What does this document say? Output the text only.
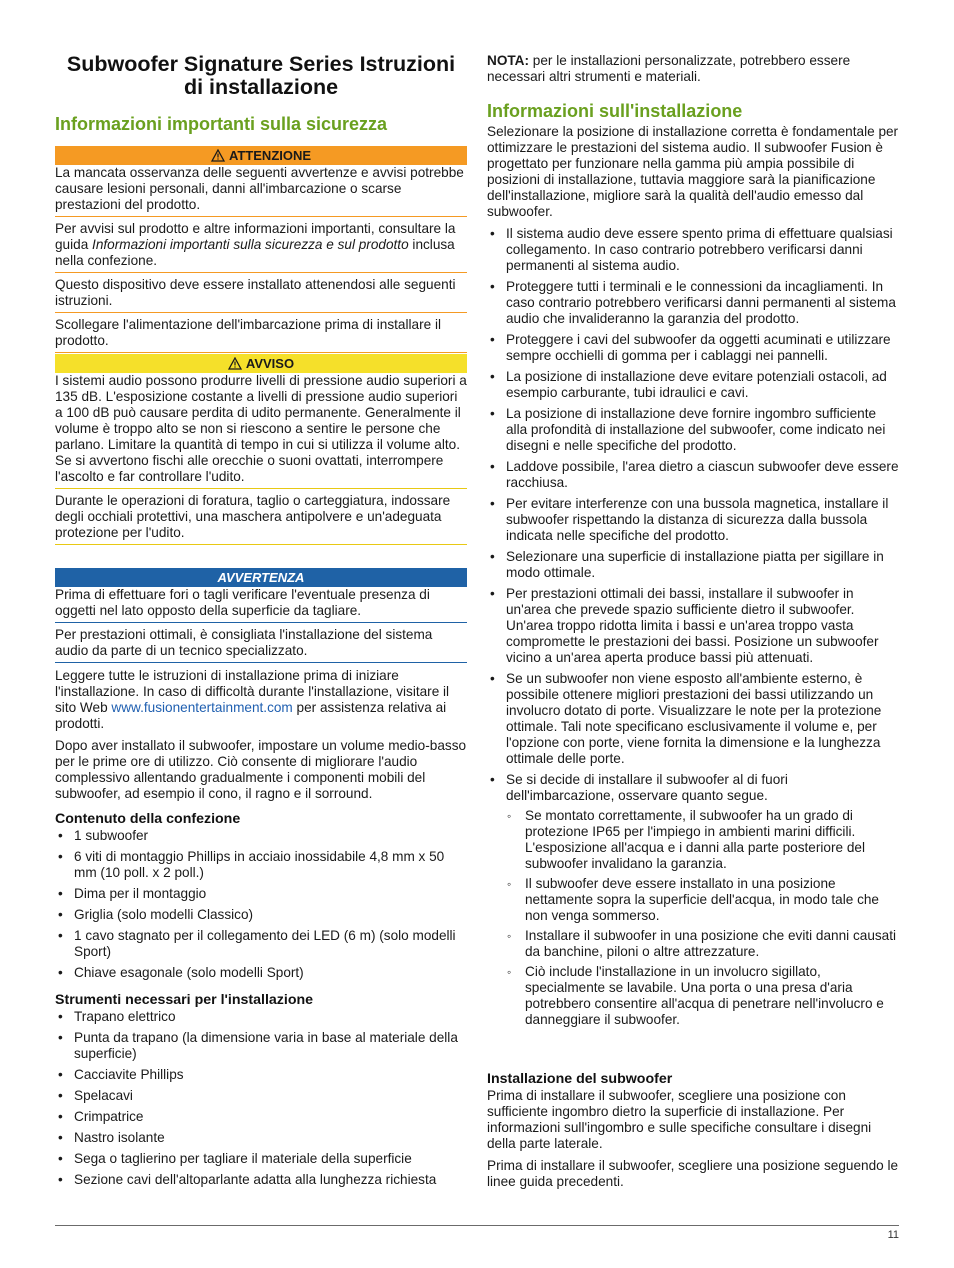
Subwoofer Signature Series Istruzioni di installazione
Informazioni importanti sulla sicurezza
ATTENZIONE

La mancata osservanza delle seguenti avvertenze e avvisi potrebbe causare lesioni personali, danni all'imbarcazione o scarse prestazioni del prodotto.

Per avvisi sul prodotto e altre informazioni importanti, consultare la guida Informazioni importanti sulla sicurezza e sul prodotto inclusa nella confezione.

Questo dispositivo deve essere installato attenendosi alle seguenti istruzioni.

Scollegare l'alimentazione dell'imbarcazione prima di installare il prodotto.

AVVISO

I sistemi audio possono produrre livelli di pressione audio superiori a 135 dB. L'esposizione costante a livelli di pressione audio superiori a 100 dB può causare perdita di udito permanente. Generalmente il volume è troppo alto se non si riescono a sentire le persone che parlano. Limitare la quantità di tempo in cui si utilizza il volume alto. Se si avvertono fischi alle orecchie o suoni ovattati, interrompere l'ascolto e far controllare l'udito.

Durante le operazioni di foratura, taglio o carteggiatura, indossare degli occhiali protettivi, una maschera antipolvere e un'adeguata protezione per l'udito.

AVVERTENZA

Prima di effettuare fori o tagli verificare l'eventuale presenza di oggetti nel lato opposto della superficie da tagliare.

Per prestazioni ottimali, è consigliata l'installazione del sistema audio da parte di un tecnico specializzato.

Leggere tutte le istruzioni di installazione prima di iniziare l'installazione. In caso di difficoltà durante l'installazione, visitare il sito Web www.fusionentertainment.com per assistenza relativa ai prodotti.

Dopo aver installato il subwoofer, impostare un volume medio-basso per le prime ore di utilizzo. Ciò consente di migliorare l'audio complessivo allentando gradualmente i componenti mobili del subwoofer, ad esempio il cono, il ragno e il sorround.

Contenuto della confezione
• 1 subwoofer
• 6 viti di montaggio Phillips in acciaio inossidabile 4,8 mm x 50 mm (10 poll. x 2 poll.)
• Dima per il montaggio
• Griglia (solo modelli Classico)
• 1 cavo stagnato per il collegamento dei LED (6 m) (solo modelli Sport)
• Chiave esagonale (solo modelli Sport)
Strumenti necessari per l'installazione
• Trapano elettrico
• Punta da trapano (la dimensione varia in base al materiale della superficie)
• Cacciavite Phillips
• Spelacavi
• Crimpatrice
• Nastro isolante
• Sega o taglierino per tagliare il materiale della superficie
• Sezione cavi dell'altoparlante adatta alla lunghezza richiesta

NOTA: per le installazioni personalizzate, potrebbero essere necessari altri strumenti e materiali.

Informazioni sull'installazione

Selezionare la posizione di installazione corretta è fondamentale per ottimizzare le prestazioni del sistema audio. Il subwoofer Fusion è progettato per funzionare nella gamma più ampia possibile di posizioni di installazione, tuttavia maggiore sarà la pianificazione dell'installazione, migliore sarà la qualità dell'audio emesso dal subwoofer.

• Il sistema audio deve essere spento prima di effettuare qualsiasi collegamento. In caso contrario potrebbero verificarsi danni permanenti al sistema audio.
• Proteggere tutti i terminali e le connessioni da incagliamenti. In caso contrario potrebbero verificarsi danni permanenti al sistema audio che invalideranno la garanzia del prodotto.
• Proteggere i cavi del subwoofer da oggetti acuminati e utilizzare sempre occhielli di gomma per i cablaggi nei pannelli.
• La posizione di installazione deve evitare potenziali ostacoli, ad esempio carburante, tubi idraulici e cavi.
• La posizione di installazione deve fornire ingombro sufficiente alla profondità di installazione del subwoofer, come indicato nei disegni e nelle specifiche del prodotto.
• Laddove possibile, l'area dietro a ciascun subwoofer deve essere racchiusa.
• Per evitare interferenze con una bussola magnetica, installare il subwoofer rispettando la distanza di sicurezza dalla bussola indicata nelle specifiche del prodotto.
• Selezionare una superficie di installazione piatta per sigillare in modo ottimale.
• Per prestazioni ottimali dei bassi, installare il subwoofer in un'area che prevede spazio sufficiente dietro il subwoofer. Un'area troppo ridotta limita i bassi e un'area troppo vasta compromette le prestazioni dei bassi. Posizione un subwoofer vicino a un'area aperta produce bassi più attenuati.
• Se un subwoofer non viene esposto all'ambiente esterno, è possibile ottenere migliori prestazioni dei bassi utilizzando un involucro dotato di porte. Visualizzare le note per la protezione ottimale. Tali note specificano esclusivamente il volume e, per l'opzione con porte, viene fornita la dimensione e la lunghezza ottimale delle porte.
• Se si decide di installare il subwoofer al di fuori dell'imbarcazione, osservare quanto segue.
◦ Se montato correttamente, il subwoofer ha un grado di protezione IP65 per l'impiego in ambienti marini difficili. L'esposizione all'acqua e i danni alla parte posteriore del subwoofer invalidano la garanzia.
◦ Il subwoofer deve essere installato in una posizione nettamente sopra la superficie dell'acqua, in modo tale che non venga sommerso.
◦ Installare il subwoofer in una posizione che eviti danni causati da banchine, piloni o altre attrezzature.
◦ Ciò include l'installazione in un involucro sigillato, specialmente se lavabile. Una porta o una presa d'aria potrebbero consentire all'acqua di penetrare nell'involucro e danneggiare il subwoofer.
Installazione del subwoofer

Prima di installare il subwoofer, scegliere una posizione con sufficiente ingombro dietro la superficie di installazione. Per informazioni sull'ingombro e sulle specifiche consultare i disegni della parte laterale.

Prima di installare il subwoofer, scegliere una posizione seguendo le linee guida precedenti.

11
